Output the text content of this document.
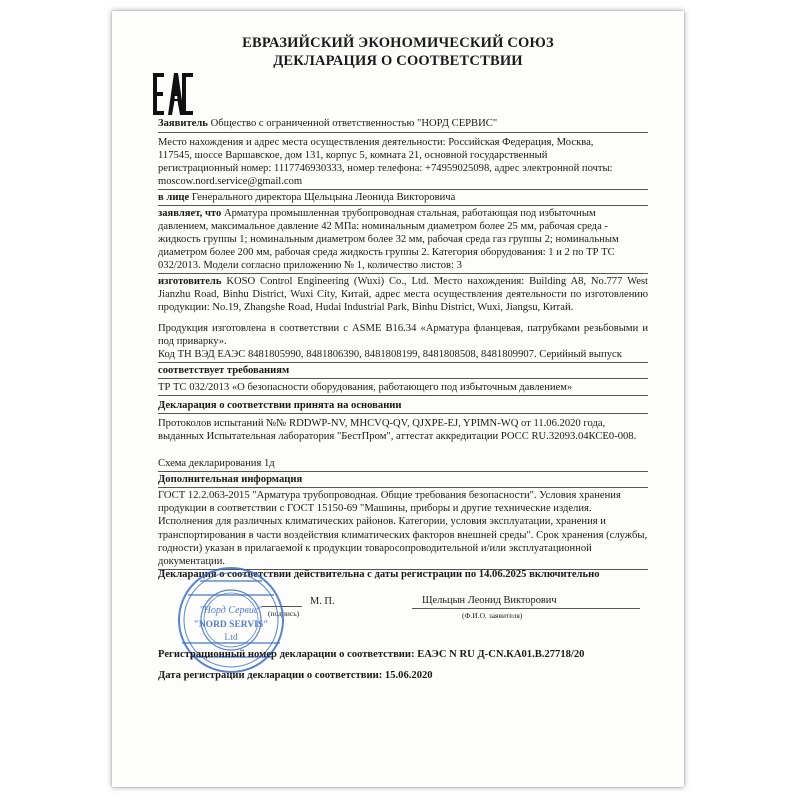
ЕВРАЗИЙСКИЙ ЭКОНОМИЧЕСКИЙ СОЮЗ
ДЕКЛАРАЦИЯ О СООТВЕТСТВИИ
Заявитель Общество с ограниченной ответственностью "НОРД СЕРВИС"
Место нахождения и адрес места осуществления деятельности: Российская Федерация, Москва,
117545, шоссе Варшавское, дом 131, корпус 5, комната 21, основной государственный
регистрационный номер: 1117746930333, номер телефона: +74959025098, адрес электронной почты:
moscow.nord.service@gmail.com
в лице Генерального директора Щельцына Леонида Викторовича
заявляет, что Арматура промышленная трубопроводная стальная, работающая под избыточным
давлением, максимальное давление 42 МПа: номинальным диаметром более 25 мм, рабочая среда -
жидкость группы 1; номинальным диаметром более 32 мм, рабочая среда газ группы 2; номинальным
диаметром более 200 мм, рабочая среда жидкость группы 2. Категория оборудования: 1 и 2 по ТР ТС
032/2013. Модели согласно приложению № 1, количество листов: 3
изготовитель KOSO Control Engineering (Wuxi) Co., Ltd. Место нахождения: Building A8, No.777 West Jianzhu Road, Binhu District, Wuxi City, Китай, адрес места осуществления деятельности по изготовлению продукции: No.19, Zhangshe Road, Hudai Industrial Park, Binhu District, Wuxi, Jiangsu, Китай.
Продукция изготовлена в соответствии с ASME B16.34 «Арматура фланцевая, патрубками резьбовыми и под приварку».
Код ТН ВЭД ЕАЭС 8481805990, 8481806390, 8481808199, 8481808508, 8481809907. Серийный выпуск
соответствует требованиям
ТР ТС 032/2013 «О безопасности оборудования, работающего под избыточным давлением»
Декларация о соответствии принята на основании
Протоколов испытаний №№ RDDWP-NV, MHCVQ-QV, QJXPE-EJ, YPIMN-WQ от 11.06.2020 года, выданных Испытательная лаборатория "БестПром", аттестат аккредитации РОСС RU.32093.04КСЕ0-008.
Схема декларирования 1д
Дополнительная информация
ГОСТ 12.2.063-2015 "Арматура трубопроводная. Общие требования безопасности". Условия хранения продукции в соответствии с ГОСТ 15150-69 "Машины, приборы и другие технические изделия. Исполнения для различных климатических районов. Категории, условия эксплуатации, хранения и транспортирования в части воздействия климатических факторов внешней среды". Срок хранения (службы, годности) указан в прилагаемой к продукции товаросопроводительной и/или эксплуатационной документации.
Декларация о соответствии действительна с даты регистрации по 14.06.2025 включительно
(подпись)
М. П.	Щельцын Леонид Викторович
(Ф.И.О. заявителя)
"Норд Сервис"
"NORD SERVIS"
Ltd
Регистрационный номер декларации о соответствии: ЕАЭС N RU Д-CN.КА01.В.27718/20
Дата регистрации декларации о соответствии: 15.06.2020
